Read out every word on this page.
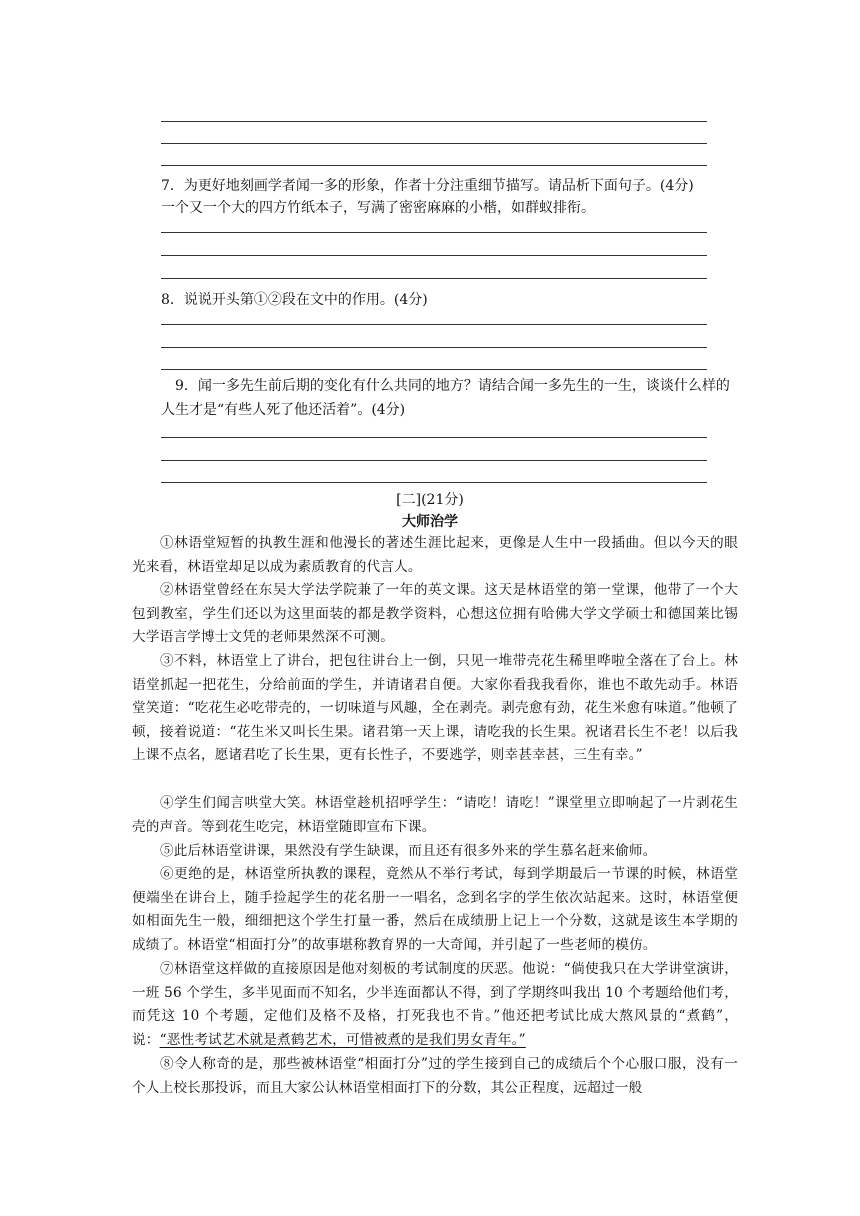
7．为更好地刻画学者闻一多的形象，作者十分注重细节描写。请品析下面句子。(4分)
一个又一个大的四方竹纸本子，写满了密密麻麻的小楷，如群蚁排衔。
8．说说开头第①②段在文中的作用。(4分)
9．闻一多先生前后期的变化有什么共同的地方？请结合闻一多先生的一生，谈谈什么样的人生才是“有些人死了他还活着”。(4分)
[二](21分)
大师治学
①林语堂短暂的执教生涯和他漫长的著述生涯比起来，更像是人生中一段插曲。但以今天的眼光来看，林语堂却足以成为素质教育的代言人。
②林语堂曾经在东吴大学法学院兼了一年的英文课。这天是林语堂的第一堂课，他带了一个大包到教室，学生们还以为这里面装的都是教学资料，心想这位拥有哈佛大学文学硕士和德国莱比锡大学语言学博士文凭的老师果然深不可测。
③不料，林语堂上了讲台，把包往讲台上一倒，只见一堆带壳花生稀里哗啦全落在了台上。林语堂抓起一把花生，分给前面的学生，并请诸君自便。大家你看我我看你，谁也不敢先动手。林语堂笑道：“吃花生必吃带壳的，一切味道与风趣，全在剥壳。剥壳愈有劲，花生米愈有味道。”他顿了顿，接着说道：“花生米又叫长生果。诸君第一天上课，请吃我的长生果。祝诸君长生不老！以后我上课不点名，愿诸君吃了长生果，更有长性子，不要逃学，则幸甚幸甚，三生有幸。”
④学生们闻言哄堂大笑。林语堂趁机招呼学生：“请吃！请吃！”课堂里立即响起了一片剥花生壳的声音。等到花生吃完，林语堂随即宣布下课。
⑤此后林语堂讲课，果然没有学生缺课，而且还有很多外来的学生慕名赶来偷师。
⑥更绝的是，林语堂所执教的课程，竟然从不举行考试，每到学期最后一节课的时候，林语堂便端坐在讲台上，随手捡起学生的花名册一一唱名，念到名字的学生依次站起来。这时，林语堂便如相面先生一般，细细把这个学生打量一番，然后在成绩册上记上一个分数，这就是该生本学期的成绩了。林语堂“相面打分”的故事堪称教育界的一大奇闻，并引起了一些老师的模仿。
⑦林语堂这样做的直接原因是他对刻板的考试制度的厌恶。他说：“倘使我只在大学讲堂演讲，一班 56 个学生，多半见面而不知名，少半连面都认不得，到了学期终叫我出 10 个考题给他们考，而凭这 10 个考题，定他们及格不及格，打死我也不肯。”他还把考试比成大熬风景的“煮鹤”，说：“恶性考试艺术就是煮鹤艺术，可惜被煮的是我们男女青年。”
⑧令人称奇的是，那些被林语堂“相面打分”过的学生接到自己的成绩后个个心服口服，没有一个人上校长那投诉，而且大家公认林语堂相面打下的分数，其公正程度，远超过一般
